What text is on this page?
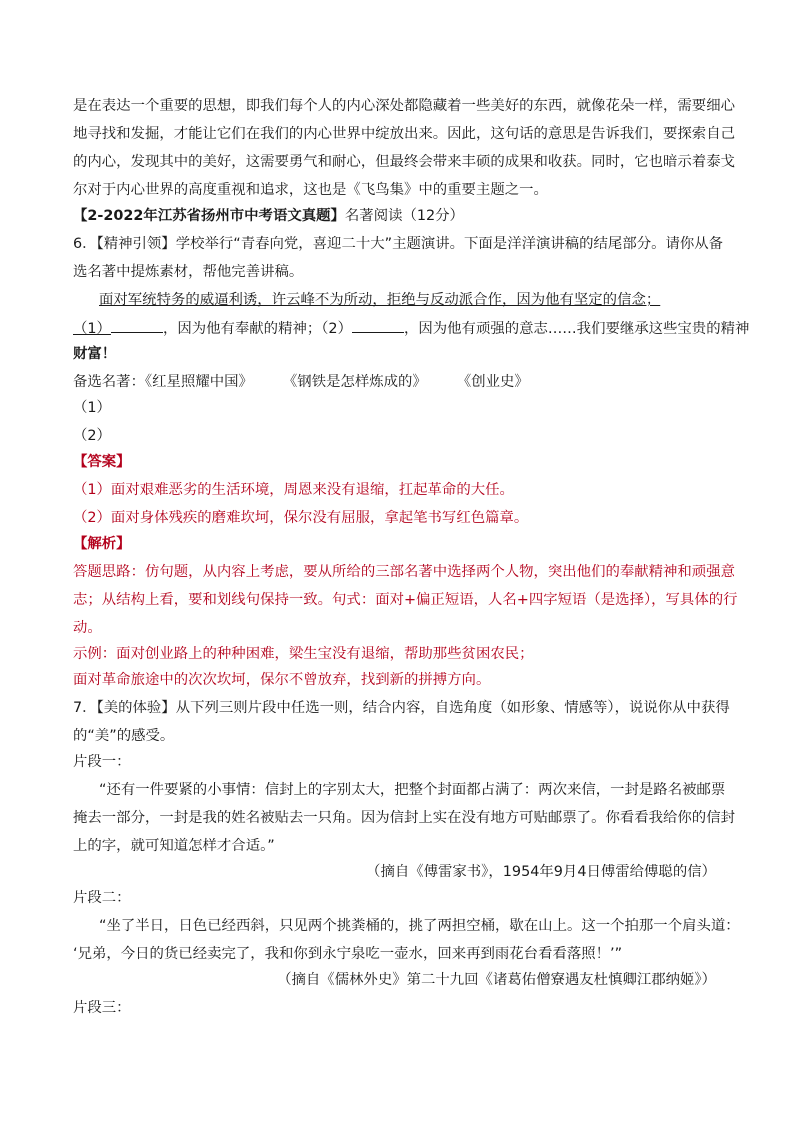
是在表达一个重要的思想，即我们每个人的内心深处都隐藏着一些美好的东西，就像花朵一样，需要细心
地寻找和发掘，才能让它们在我们的内心世界中绽放出来。因此，这句话的意思是告诉我们，要探索自己
的内心，发现其中的美好，这需要勇气和耐心，但最终会带来丰硕的成果和收获。同时，它也暗示着泰戈
尔对于内心世界的高度重视和追求，这也是《飞鸟集》中的重要主题之一。
【2-2022年江苏省扬州市中考语文真题】名著阅读（12分）
6．【精神引领】学校举行“青春向党，喜迎二十大”主题演讲。下面是洋洋演讲稿的结尾部分。请你从备
选名著中提炼素材，帮他完善讲稿。
面对军统特务的威逼利诱，许云峰不为所动，拒绝与反动派合作，因为他有坚定的信念；
（1）	，因为他有奉献的精神；（2）	，因为他有顽强的意志……我们要继承这些宝贵的精神
财富！
备选名著：《红星照耀中国》 《钢铁是怎样炼成的》 《创业史》
（1）
（2）
【答案】
（1）面对艰难恶劣的生活环境，周恩来没有退缩，扛起革命的大任。
（2）面对身体残疾的磨难坎坷，保尔没有屈服，拿起笔书写红色篇章。
【解析】
答题思路：仿句题，从内容上考虑，要从所给的三部名著中选择两个人物，突出他们的奉献精神和顽强意
志；从结构上看，要和划线句保持一致。句式：面对+偏正短语，人名+四字短语（是选择），写具体的行
动。
示例：面对创业路上的种种困难，梁生宝没有退缩，帮助那些贫困农民；
面对革命旅途中的次次坎坷，保尔不曾放弃，找到新的拼搏方向。
7．【美的体验】从下列三则片段中任选一则，结合内容，自选角度（如形象、情感等），说说你从中获得
的“美”的感受。
片段一：
“还有一件要紧的小事情：信封上的字别太大，把整个封面都占满了：两次来信，一封是路名被邮票
掩去一部分，一封是我的姓名被贴去一只角。因为信封上实在没有地方可贴邮票了。你看看我给你的信封
上的字，就可知道怎样才合适。”
（摘自《傅雷家书》，1954年9月4日傅雷给傅聪的信）
片段二：
“坐了半日，日色已经西斜，只见两个挑粪桶的，挑了两担空桶，歇在山上。这一个拍那一个肩头道：
‘兄弟，今日的货已经卖完了，我和你到永宁泉吃一壶水，回来再到雨花台看看落照！’”
（摘自《儒林外史》第二十九回《诸葛佑僧寮遇友杜慎卿江郡纳姬》）
片段三：
